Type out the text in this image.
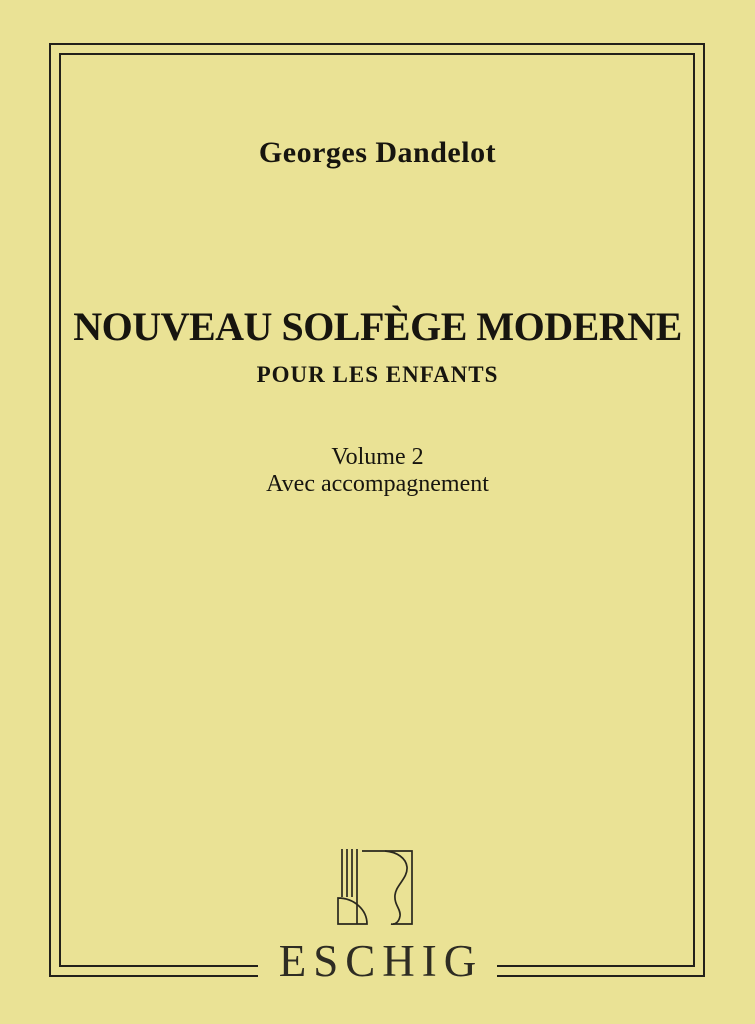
Georges Dandelot
NOUVEAU SOLFÈGE MODERNE
POUR LES ENFANTS
Volume 2
Avec accompagnement
ESCHIG
